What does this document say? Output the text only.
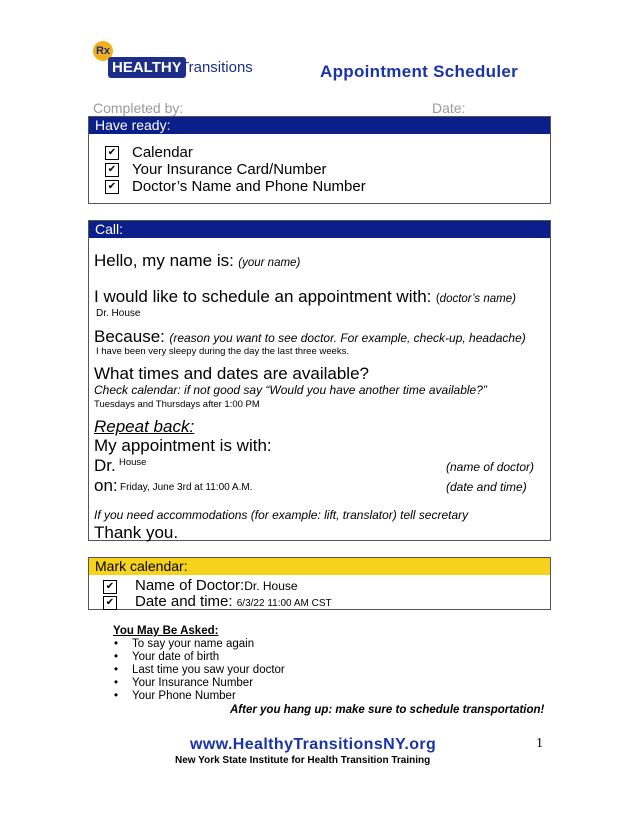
Rx
HEALTHY
Transitions	Appointment Scheduler
Completed by:	Date:
Have ready:
✔ Calendar
✔ Your Insurance Card/Number
✔ Doctor’s Name and Phone Number
Call:
Hello, my name is: (your name)
I would like to schedule an appointment with: (doctor’s name)
Dr. House
Because: (reason you want to see doctor. For example, check-up, headache)
I have been very sleepy during the day the last three weeks.
What times and dates are available?
Check calendar: if not good say “Would you have another time available?”
Tuesdays and Thursdays after 1:00 PM
Repeat back:
My appointment is with:
Dr. House	(name of doctor)
on: Friday, June 3rd at 11:00 A.M.	(date and time)
If you need accommodations (for example: lift, translator) tell secretary
Thank you.
Mark calendar:
✔ Name of Doctor:Dr. House
✔ Date and time: 6/3/22 11:00 AM CST
You May Be Asked:
• To say your name again
• Your date of birth
• Last time you saw your doctor
• Your Insurance Number
• Your Phone Number
After you hang up: make sure to schedule transportation!
www.HealthyTransitionsNY.org	1
New York State Institute for Health Transition Training
